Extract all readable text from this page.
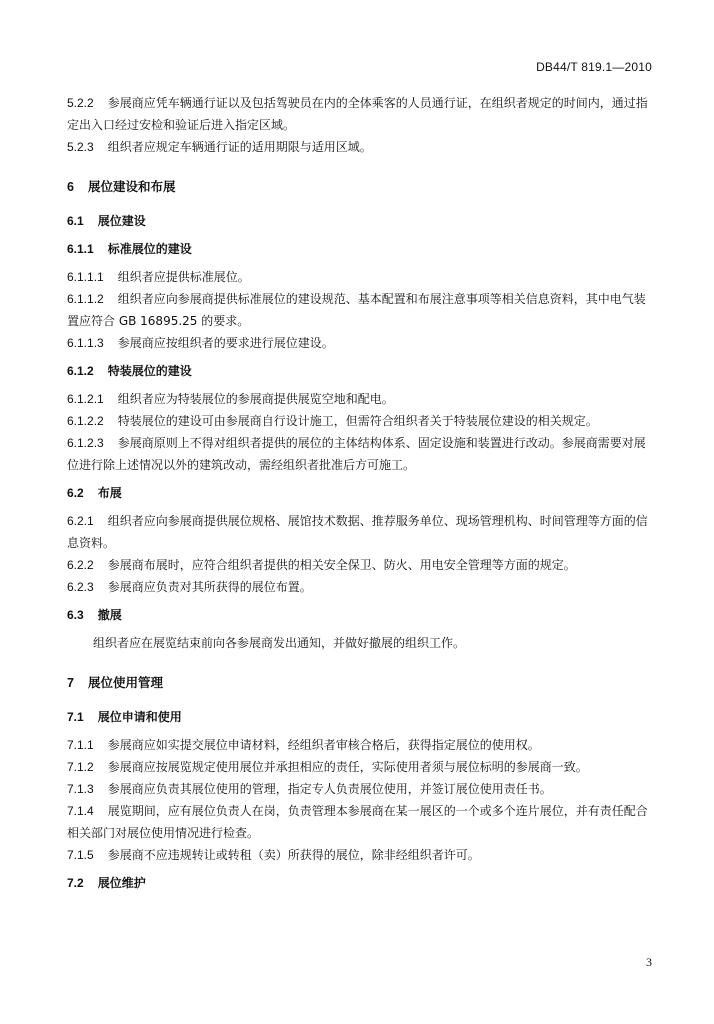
DB44/T 819.1—2010

5.2.2 参展商应凭车辆通行证以及包括驾驶员在内的全体乘客的人员通行证，在组织者规定的时间内，通过指定出入口经过安检和验证后进入指定区域。

5.2.3 组织者应规定车辆通行证的适用期限与适用区域。

6 展位建设和布展

6.1 展位建设

6.1.1 标准展位的建设

6.1.1.1 组织者应提供标准展位。

6.1.1.2 组织者应向参展商提供标准展位的建设规范、基本配置和布展注意事项等相关信息资料，其中电气装置应符合 GB 16895.25 的要求。

6.1.1.3 参展商应按组织者的要求进行展位建设。

6.1.2 特装展位的建设

6.1.2.1 组织者应为特装展位的参展商提供展览空地和配电。

6.1.2.2 特装展位的建设可由参展商自行设计施工，但需符合组织者关于特装展位建设的相关规定。

6.1.2.3 参展商原则上不得对组织者提供的展位的主体结构体系、固定设施和装置进行改动。参展商需要对展位进行除上述情况以外的建筑改动，需经组织者批准后方可施工。

6.2 布展

6.2.1 组织者应向参展商提供展位规格、展馆技术数据、推荐服务单位、现场管理机构、时间管理等方面的信息资料。

6.2.2 参展商布展时，应符合组织者提供的相关安全保卫、防火、用电安全管理等方面的规定。

6.2.3 参展商应负责对其所获得的展位布置。

6.3 撤展

组织者应在展览结束前向各参展商发出通知，并做好撤展的组织工作。

7 展位使用管理

7.1 展位申请和使用

7.1.1 参展商应如实提交展位申请材料，经组织者审核合格后，获得指定展位的使用权。

7.1.2 参展商应按展览规定使用展位并承担相应的责任，实际使用者须与展位标明的参展商一致。

7.1.3 参展商应负责其展位使用的管理，指定专人负责展位使用，并签订展位使用责任书。

7.1.4 展览期间，应有展位负责人在岗，负责管理本参展商在某一展区的一个或多个连片展位，并有责任配合相关部门对展位使用情况进行检查。

7.1.5 参展商不应违规转让或转租（卖）所获得的展位，除非经组织者许可。

7.2 展位维护

3
